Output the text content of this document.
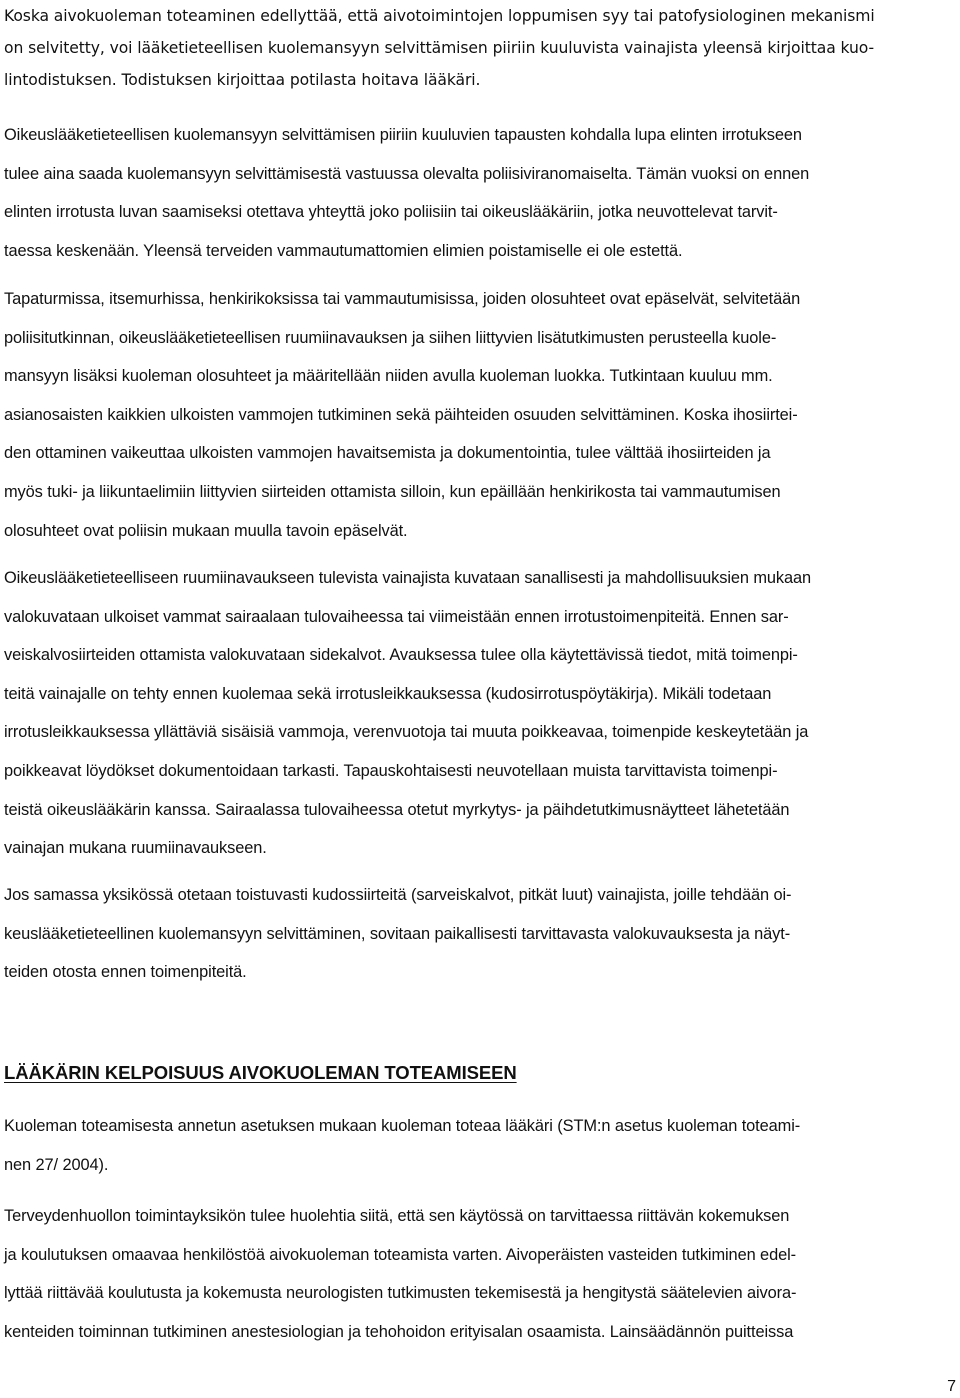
Koska aivokuoleman toteaminen edellyttää, että aivotoimintojen loppumisen syy tai patofysiologinen mekanismi
on selvitetty, voi lääketieteellisen kuolemansyyn selvittämisen piiriin kuuluvista vainajista yleensä kirjoittaa kuo-
lintodistuksen. Todistuksen kirjoittaa potilasta hoitava lääkäri.

Oikeuslääketieteellisen kuolemansyyn selvittämisen piiriin kuuluvien tapausten kohdalla lupa elinten irrotukseen
tulee aina saada kuolemansyyn selvittämisestä vastuussa olevalta poliisiviranomaiselta. Tämän vuoksi on ennen
elinten irrotusta luvan saamiseksi otettava yhteyttä joko poliisiin tai oikeuslääkäriin, jotka neuvottelevat tarvit-
taessa keskenään. Yleensä terveiden vammautumattomien elimien poistamiselle ei ole estettä.

Tapaturmissa, itsemurhissa, henkirikoksissa tai vammautumisissa, joiden olosuhteet ovat epäselvät, selvitetään
poliisitutkinnan, oikeuslääketieteellisen ruumiinavauksen ja siihen liittyvien lisätutkimusten perusteella kuole-
mansyyn lisäksi kuoleman olosuhteet ja määritellään niiden avulla kuoleman luokka. Tutkintaan kuuluu mm.
asianosaisten kaikkien ulkoisten vammojen tutkiminen sekä päihteiden osuuden selvittäminen. Koska ihosiirtei-
den ottaminen vaikeuttaa ulkoisten vammojen havaitsemista ja dokumentointia, tulee välttää ihosiirteiden ja
myös tuki- ja liikuntaelimiin liittyvien siirteiden ottamista silloin, kun epäillään henkirikosta tai vammautumisen
olosuhteet ovat poliisin mukaan muulla tavoin epäselvät.

Oikeuslääketieteelliseen ruumiinavaukseen tulevista vainajista kuvataan sanallisesti ja mahdollisuuksien mukaan
valokuvataan ulkoiset vammat sairaalaan tulovaiheessa tai viimeistään ennen irrotustoimenpiteitä. Ennen sar-
veiskalvosiirteiden ottamista valokuvataan sidekalvot. Avauksessa tulee olla käytettävissä tiedot, mitä toimenpi-
teitä vainajalle on tehty ennen kuolemaa sekä irrotusleikkauksessa (kudosirrotuspöytäkirja). Mikäli todetaan
irrotusleikkauksessa yllättäviä sisäisiä vammoja, verenvuotoja tai muuta poikkeavaa, toimenpide keskeytetään ja
poikkeavat löydökset dokumentoidaan tarkasti. Tapauskohtaisesti neuvotellaan muista tarvittavista toimenpi-
teistä oikeuslääkärin kanssa. Sairaalassa tulovaiheessa otetut myrkytys- ja päihdetutkimusnäytteet lähetetään
vainajan mukana ruumiinavaukseen.

Jos samassa yksikössä otetaan toistuvasti kudossiirteitä (sarveiskalvot, pitkät luut) vainajista, joille tehdään oi-
keuslääketieteellinen kuolemansyyn selvittäminen, sovitaan paikallisesti tarvittavasta valokuvauksesta ja näyt-
teiden otosta ennen toimenpiteitä.

LÄÄKÄRIN KELPOISUUS AIVOKUOLEMAN TOTEAMISEEN

Kuoleman toteamisesta annetun asetuksen mukaan kuoleman toteaa lääkäri (STM:n asetus kuoleman toteami-
nen 27/ 2004).

Terveydenhuollon toimintayksikön tulee huolehtia siitä, että sen käytössä on tarvittaessa riittävän kokemuksen
ja koulutuksen omaavaa henkilöstöä aivokuoleman toteamista varten. Aivoperäisten vasteiden tutkiminen edel-
lyttää riittävää koulutusta ja kokemusta neurologisten tutkimusten tekemisestä ja hengitystä säätelevien aivora-
kenteiden toiminnan tutkiminen anestesiologian ja tehohoidon erityisalan osaamista. Lainsäädännön puitteissa

7
